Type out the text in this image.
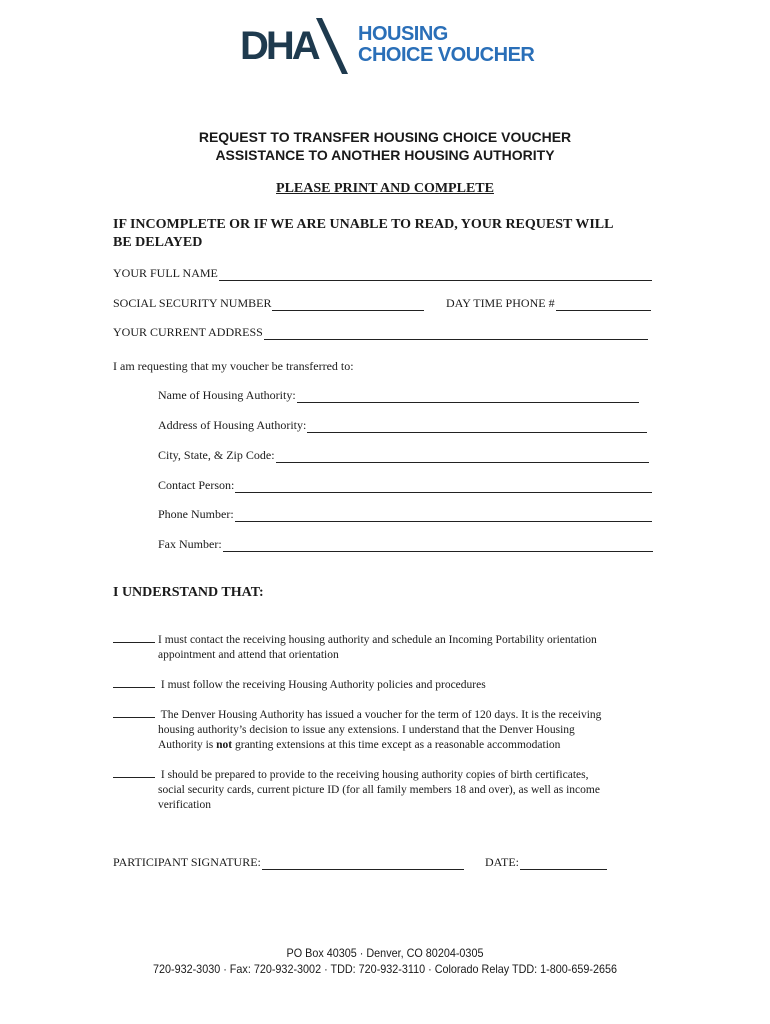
DHA HOUSING
CHOICE VOUCHER
REQUEST TO TRANSFER HOUSING CHOICE VOUCHER
ASSISTANCE TO ANOTHER HOUSING AUTHORITY
PLEASE PRINT AND COMPLETE
IF INCOMPLETE OR IF WE ARE UNABLE TO READ, YOUR REQUEST WILL BE DELAYED
YOUR FULL NAME
SOCIAL SECURITY NUMBER	DAY TIME PHONE #
YOUR CURRENT ADDRESS
I am requesting that my voucher be transferred to:
Name of Housing Authority:
Address of Housing Authority:
City, State, & Zip Code:
Contact Person:
Phone Number:
Fax Number:
I UNDERSTAND THAT:
I must contact the receiving housing authority and schedule an Incoming Portability orientation
appointment and attend that orientation
I must follow the receiving Housing Authority policies and procedures
The Denver Housing Authority has issued a voucher for the term of 120 days. It is the receiving
housing authority’s decision to issue any extensions. I understand that the Denver Housing
Authority is not granting extensions at this time except as a reasonable accommodation
I should be prepared to provide to the receiving housing authority copies of birth certificates,
social security cards, current picture ID (for all family members 18 and over), as well as income
verification
PARTICIPANT SIGNATURE:	DATE:
PO Box 40305 · Denver, CO 80204-0305
720-932-3030 · Fax: 720-932-3002 · TDD: 720-932-3110 · Colorado Relay TDD: 1-800-659-2656
